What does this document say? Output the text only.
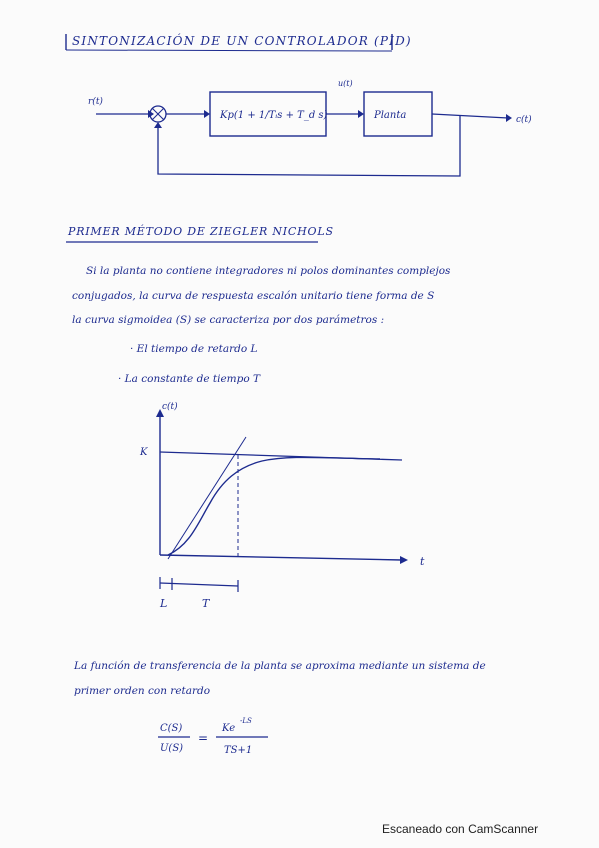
SINTONIZACIÓN DE UN CONTROLADOR (PID)
r(t)
Kp(1 + 1/Tᵢs + T_d s)
u(t)
Planta	c(t)
PRIMER MÉTODO DE ZIEGLER NICHOLS
Si la planta no contiene integradores ni polos dominantes complejos
conjugados, la curva de respuesta escalón unitario tiene forma de S
la curva sigmoidea (S) se caracteriza por dos parámetros :
· El tiempo de retardo L
· La constante de tiempo T
c(t)
t
K
L	T
La función de transferencia de la planta se aproxima mediante un sistema de
primer orden con retardo
C(S)
U(S)
=
Ke
-LS
TS+1
Escaneado con CamScanner
